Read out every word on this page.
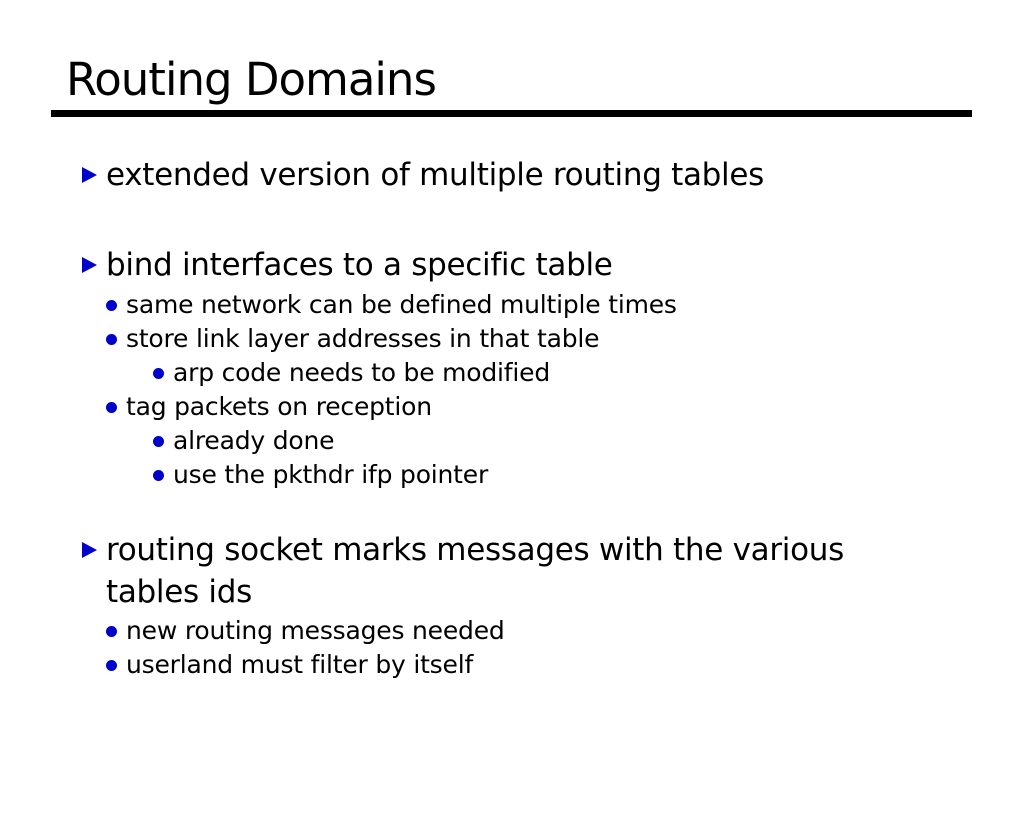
Routing Domains
extended version of multiple routing tables
bind interfaces to a specific table
same network can be defined multiple times
store link layer addresses in that table
arp code needs to be modified
tag packets on reception
already done
use the pkthdr ifp pointer
routing socket marks messages with the various tables ids
new routing messages needed
userland must filter by itself
